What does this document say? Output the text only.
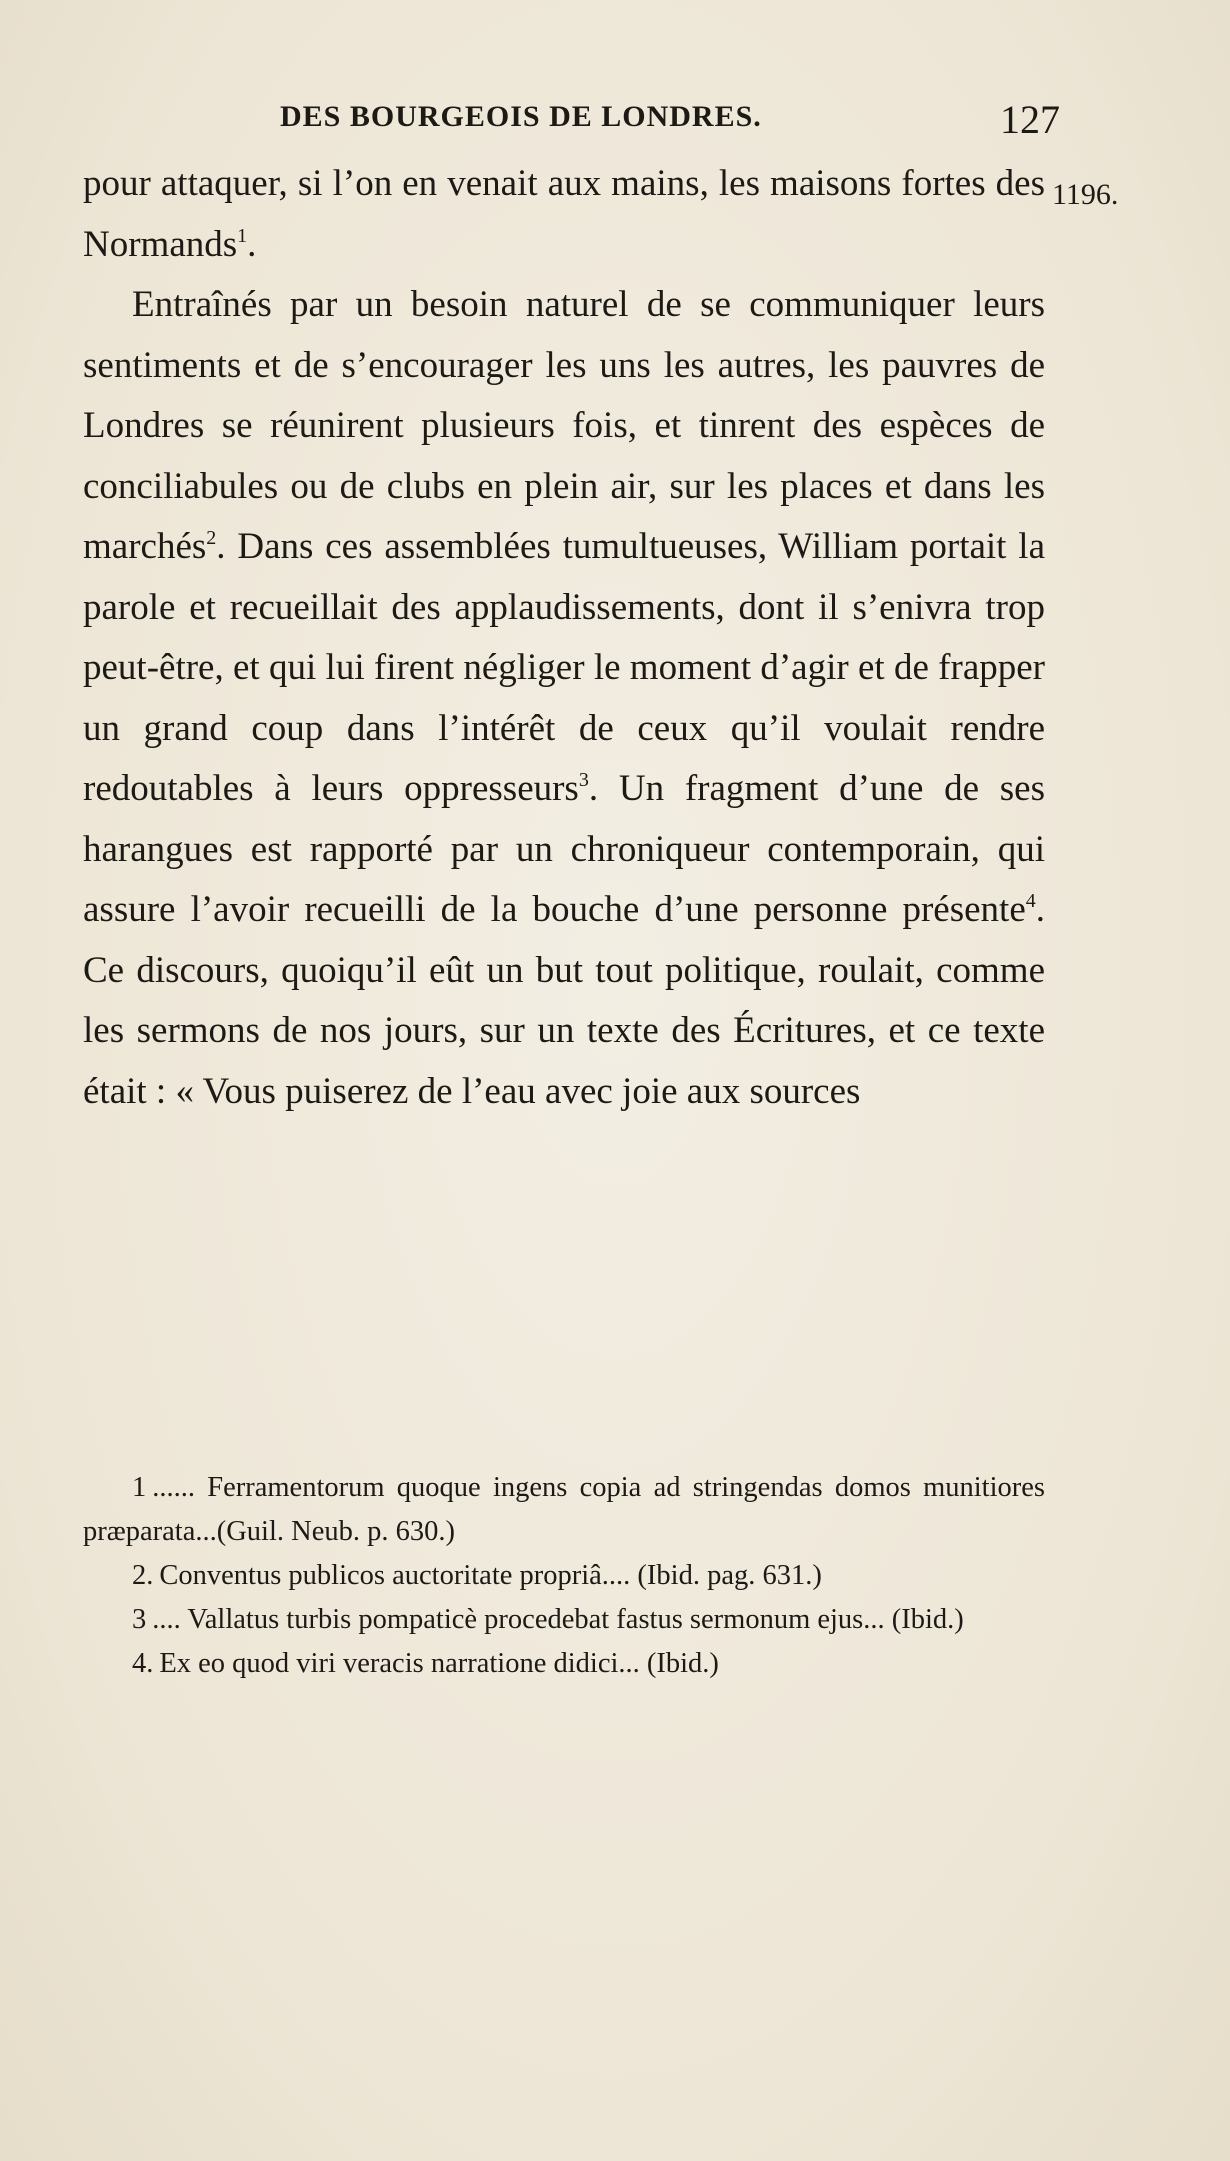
DES BOURGEOIS DE LONDRES.	127
1196.

pour attaquer, si l’on en venait aux mains, les maisons fortes des Normands$^1$.

Entraînés par un besoin naturel de se communiquer leurs sentiments et de s’encourager les uns les autres, les pauvres de Londres se réunirent plusieurs fois, et tinrent des espèces de conciliabules ou de clubs en plein air, sur les places et dans les marchés$^2$. Dans ces assemblées tumultueuses, William portait la parole et recueillait des applaudissements, dont il s’enivra trop peut-être, et qui lui firent négliger le moment d’agir et de frapper un grand coup dans l’intérêt de ceux qu’il voulait rendre redoutables à leurs oppresseurs$^3$. Un fragment d’une de ses harangues est rapporté par un chroniqueur contemporain, qui assure l’avoir recueilli de la bouche d’une personne présente$^4$. Ce discours, quoiqu’il eût un but tout politique, roulait, comme les sermons de nos jours, sur un texte des Écritures, et ce texte était : « Vous puiserez de l’eau avec joie aux sources

1 ...... Ferramentorum quoque ingens copia ad stringendas domos munitiores præparata...(Guil. Neub. p. 630.)

2. Conventus publicos auctoritate propriâ.... (Ibid. pag. 631.)

3 .... Vallatus turbis pompaticè procedebat fastus sermonum ejus... (Ibid.)

4. Ex eo quod viri veracis narratione didici... (Ibid.)
